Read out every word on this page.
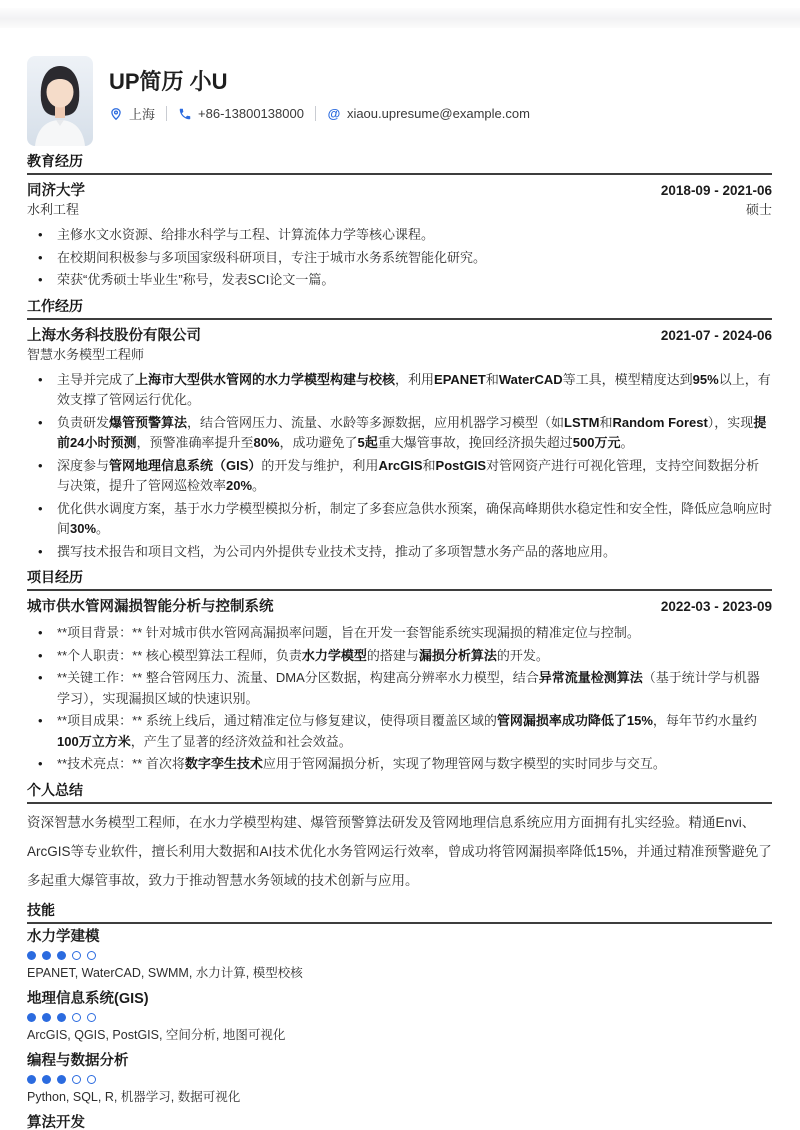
UP简历 小U
上海	+86-13800138000 @ xiaou.upresume@example.com
教育经历
同济大学	2018-09 - 2021-06
水利工程	硕士
• 主修水文水资源、给排水科学与工程、计算流体力学等核心课程。
• 在校期间积极参与多项国家级科研项目，专注于城市水务系统智能化研究。
• 荣获“优秀硕士毕业生”称号，发表SCI论文一篇。
工作经历
上海水务科技股份有限公司	2021-07 - 2024-06
智慧水务模型工程师
• 主导并完成了上海市大型供水管网的水力学模型构建与校核，利用EPANET和WaterCAD等工具，模型精度达到95%以上，有效支撑了管网运行优化。
• 负责研发爆管预警算法，结合管网压力、流量、水龄等多源数据，应用机器学习模型（如LSTM和Random Forest），实现提前24小时预测，预警准确率提升至80%，成功避免了5起重大爆管事故，挽回经济损失超过500万元。
• 深度参与管网地理信息系统（GIS）的开发与维护，利用ArcGIS和PostGIS对管网资产进行可视化管理，支持空间数据分析与决策，提升了管网巡检效率20%。
• 优化供水调度方案，基于水力学模型模拟分析，制定了多套应急供水预案，确保高峰期供水稳定性和安全性，降低应急响应时间30%。
• 撰写技术报告和项目文档，为公司内外提供专业技术支持，推动了多项智慧水务产品的落地应用。
项目经历
城市供水管网漏损智能分析与控制系统	2022-03 - 2023-09
• **项目背景：** 针对城市供水管网高漏损率问题，旨在开发一套智能系统实现漏损的精准定位与控制。
• **个人职责：** 核心模型算法工程师，负责水力学模型的搭建与漏损分析算法的开发。
• **关键工作：** 整合管网压力、流量、DMA分区数据，构建高分辨率水力模型，结合异常流量检测算法（基于统计学与机器学习），实现漏损区域的快速识别。
• **项目成果：** 系统上线后，通过精准定位与修复建议，使得项目覆盖区域的管网漏损率成功降低了15%，每年节约水量约100万立方米，产生了显著的经济效益和社会效益。
• **技术亮点：** 首次将数字孪生技术应用于管网漏损分析，实现了物理管网与数字模型的实时同步与交互。
个人总结
资深智慧水务模型工程师，在水力学模型构建、爆管预警算法研发及管网地理信息系统应用方面拥有扎实经验。精通Envi、ArcGIS等专业软件，擅长利用大数据和AI技术优化水务管网运行效率，曾成功将管网漏损率降低15%，并通过精准预警避免了多起重大爆管事故，致力于推动智慧水务领域的技术创新与应用。
技能
水力学建模
EPANET, WaterCAD, SWMM, 水力计算, 模型校核
地理信息系统(GIS)
ArcGIS, QGIS, PostGIS, 空间分析, 地图可视化
编程与数据分析
Python, SQL, R, 机器学习, 数据可视化
算法开发
